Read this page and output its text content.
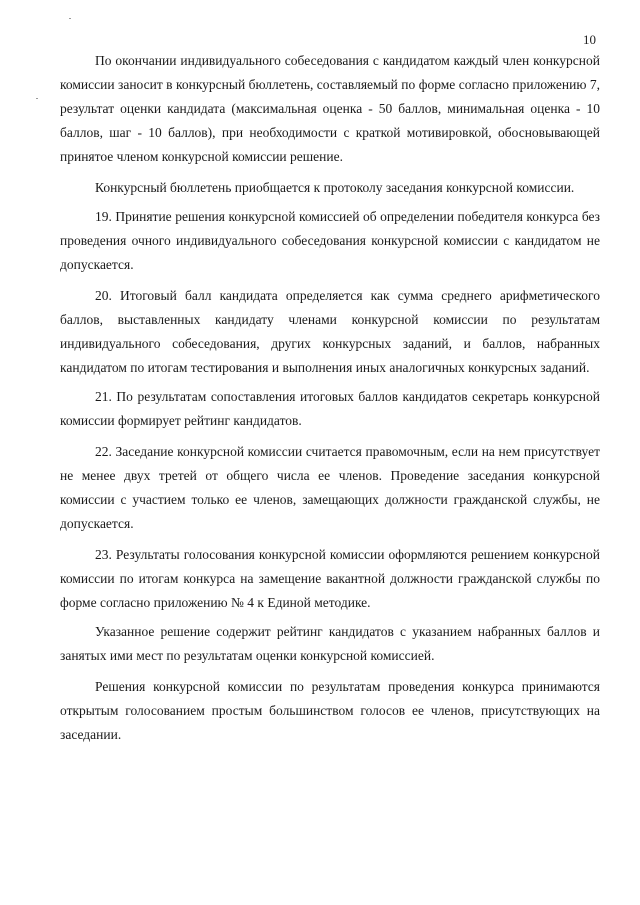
10

По окончании индивидуального собеседования с кандидатом каждый член конкурсной комиссии заносит в конкурсный бюллетень, составляемый по форме согласно приложению 7, результат оценки кандидата (максимальная оценка - 50 баллов, минимальная оценка - 10 баллов, шаг - 10 баллов), при необходимости с краткой мотивировкой, обосновывающей принятое членом конкурсной комиссии решение.

Конкурсный бюллетень приобщается к протоколу заседания конкурсной комиссии.

19. Принятие решения конкурсной комиссией об определении победителя конкурса без проведения очного индивидуального собеседования конкурсной комиссии с кандидатом не допускается.

20. Итоговый балл кандидата определяется как сумма среднего арифметического баллов, выставленных кандидату членами конкурсной комиссии по результатам индивидуального собеседования, других конкурсных заданий, и баллов, набранных кандидатом по итогам тестирования и выполнения иных аналогичных конкурсных заданий.

21. По результатам сопоставления итоговых баллов кандидатов секретарь конкурсной комиссии формирует рейтинг кандидатов.

22. Заседание конкурсной комиссии считается правомочным, если на нем присутствует не менее двух третей от общего числа ее членов. Проведение заседания конкурсной комиссии с участием только ее членов, замещающих должности гражданской службы, не допускается.

23. Результаты голосования конкурсной комиссии оформляются решением конкурсной комиссии по итогам конкурса на замещение вакантной должности гражданской службы по форме согласно приложению № 4 к Единой методике.

Указанное решение содержит рейтинг кандидатов с указанием набранных баллов и занятых ими мест по результатам оценки конкурсной комиссией.

Решения конкурсной комиссии по результатам проведения конкурса принимаются открытым голосованием простым большинством голосов ее членов, присутствующих на заседании.
